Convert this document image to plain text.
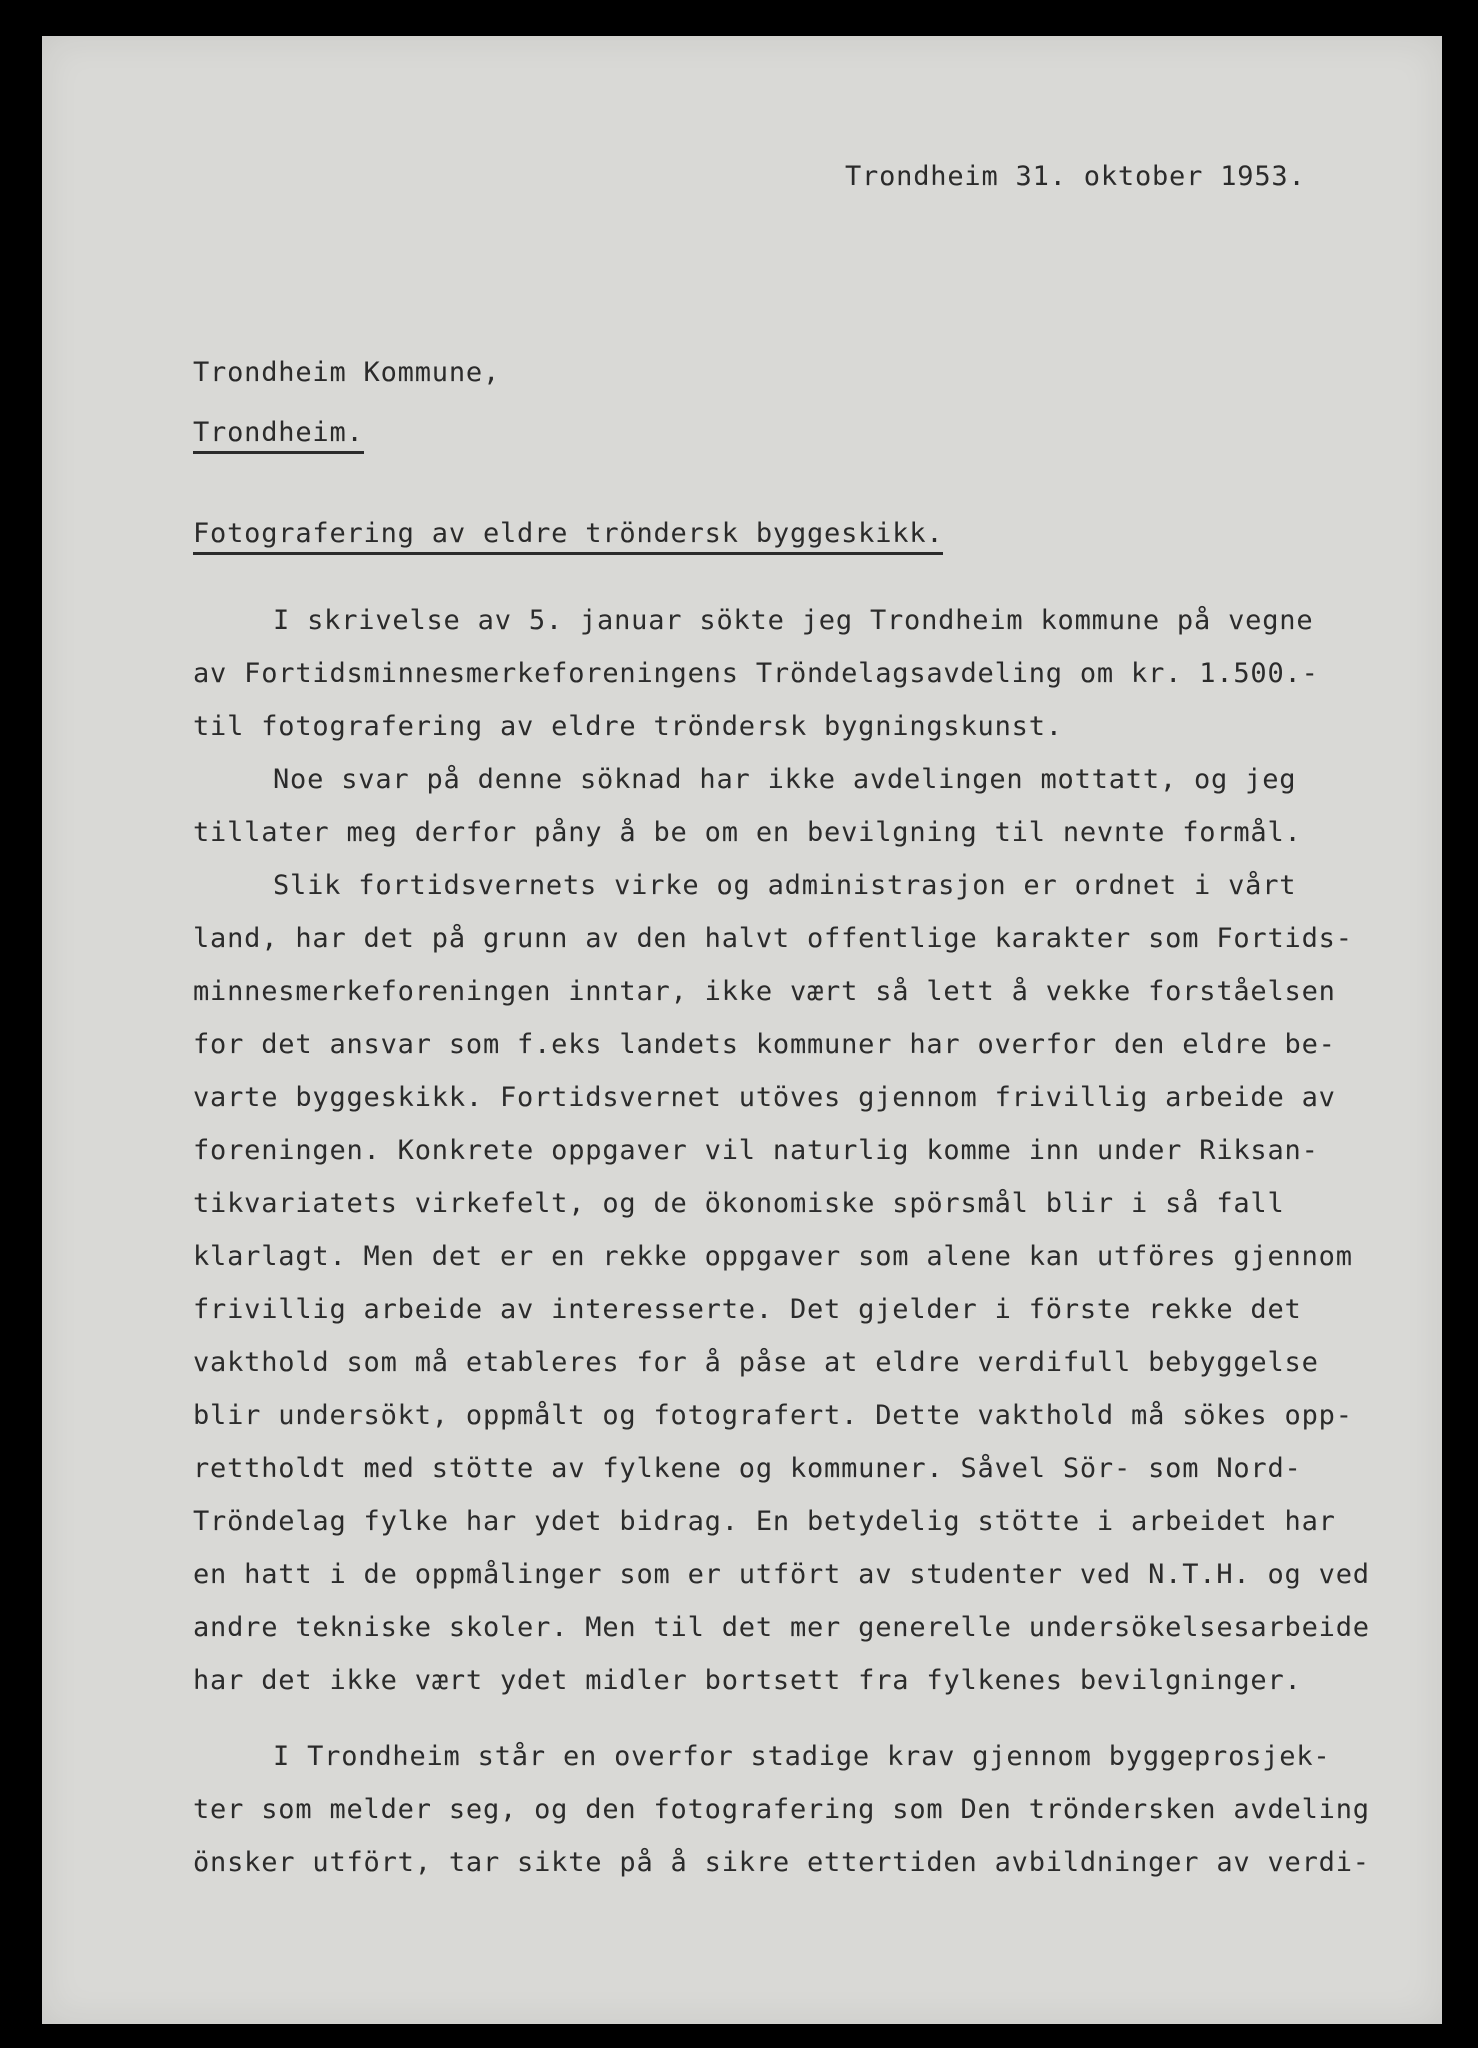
Trondheim 31. oktober 1953.
Trondheim Kommune,
Trondheim.
Fotografering av eldre tröndersk byggeskikk.
I skrivelse av 5. januar sökte jeg Trondheim kommune på vegne
av Fortidsminnesmerkeforeningens Tröndelagsavdeling om kr. 1.500.-
til fotografering av eldre tröndersk bygningskunst.
Noe svar på denne söknad har ikke avdelingen mottatt, og jeg
tillater meg derfor påny å be om en bevilgning til nevnte formål.
Slik fortidsvernets virke og administrasjon er ordnet i vårt
land, har det på grunn av den halvt offentlige karakter som Fortids-
minnesmerkeforeningen inntar, ikke vært så lett å vekke forståelsen
for det ansvar som f.eks landets kommuner har overfor den eldre be-
varte byggeskikk. Fortidsvernet utöves gjennom frivillig arbeide av
foreningen. Konkrete oppgaver vil naturlig komme inn under Riksan-
tikvariatets virkefelt, og de ökonomiske spörsmål blir i så fall
klarlagt. Men det er en rekke oppgaver som alene kan utföres gjennom
frivillig arbeide av interesserte. Det gjelder i förste rekke det
vakthold som må etableres for å påse at eldre verdifull bebyggelse
blir undersökt, oppmålt og fotografert. Dette vakthold må sökes opp-
rettholdt med stötte av fylkene og kommuner. Såvel Sör- som Nord-
Tröndelag fylke har ydet bidrag. En betydelig stötte i arbeidet har
en hatt i de oppmålinger som er utfört av studenter ved N.T.H. og ved
andre tekniske skoler. Men til det mer generelle undersökelsesarbeide
har det ikke vært ydet midler bortsett fra fylkenes bevilgninger.
I Trondheim står en overfor stadige krav gjennom byggeprosjek-
ter som melder seg, og den fotografering som Den tröndersken avdeling
önsker utfört, tar sikte på å sikre ettertiden avbildninger av verdi-
